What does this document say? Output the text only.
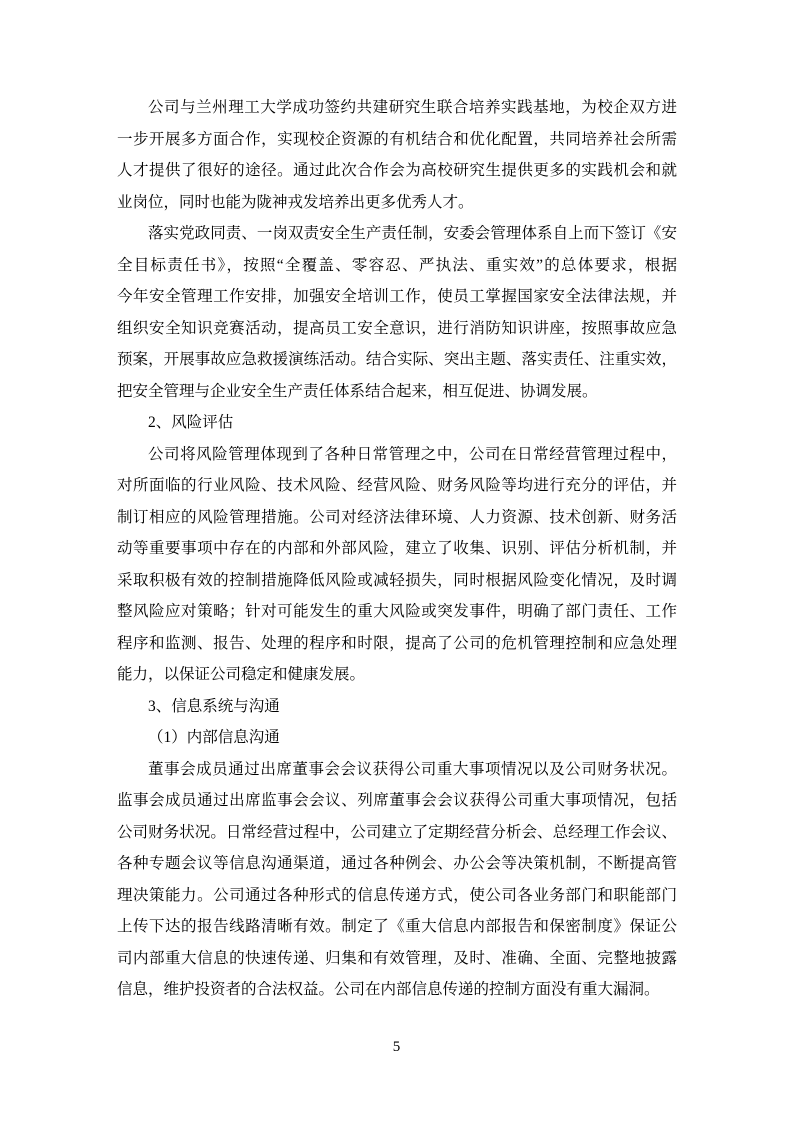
公司与兰州理工大学成功签约共建研究生联合培养实践基地，为校企双方进
一步开展多方面合作，实现校企资源的有机结合和优化配置，共同培养社会所需
人才提供了很好的途径。通过此次合作会为高校研究生提供更多的实践机会和就
业岗位，同时也能为陇神戎发培养出更多优秀人才。
落实党政同责、一岗双责安全生产责任制，安委会管理体系自上而下签订《安
全目标责任书》，按照“全覆盖、零容忍、严执法、重实效”的总体要求，根据
今年安全管理工作安排，加强安全培训工作，使员工掌握国家安全法律法规，并
组织安全知识竞赛活动，提高员工安全意识，进行消防知识讲座，按照事故应急
预案，开展事故应急救援演练活动。结合实际、突出主题、落实责任、注重实效，
把安全管理与企业安全生产责任体系结合起来，相互促进、协调发展。
2、风险评估
公司将风险管理体现到了各种日常管理之中，公司在日常经营管理过程中，
对所面临的行业风险、技术风险、经营风险、财务风险等均进行充分的评估，并
制订相应的风险管理措施。公司对经济法律环境、人力资源、技术创新、财务活
动等重要事项中存在的内部和外部风险，建立了收集、识别、评估分析机制，并
采取积极有效的控制措施降低风险或减轻损失，同时根据风险变化情况，及时调
整风险应对策略；针对可能发生的重大风险或突发事件，明确了部门责任、工作
程序和监测、报告、处理的程序和时限，提高了公司的危机管理控制和应急处理
能力，以保证公司稳定和健康发展。
3、信息系统与沟通
（1）内部信息沟通
董事会成员通过出席董事会会议获得公司重大事项情况以及公司财务状况。
监事会成员通过出席监事会会议、列席董事会会议获得公司重大事项情况，包括
公司财务状况。日常经营过程中，公司建立了定期经营分析会、总经理工作会议、
各种专题会议等信息沟通渠道，通过各种例会、办公会等决策机制，不断提高管
理决策能力。公司通过各种形式的信息传递方式，使公司各业务部门和职能部门
上传下达的报告线路清晰有效。制定了《重大信息内部报告和保密制度》保证公
司内部重大信息的快速传递、归集和有效管理，及时、准确、全面、完整地披露
信息，维护投资者的合法权益。公司在内部信息传递的控制方面没有重大漏洞。
5
